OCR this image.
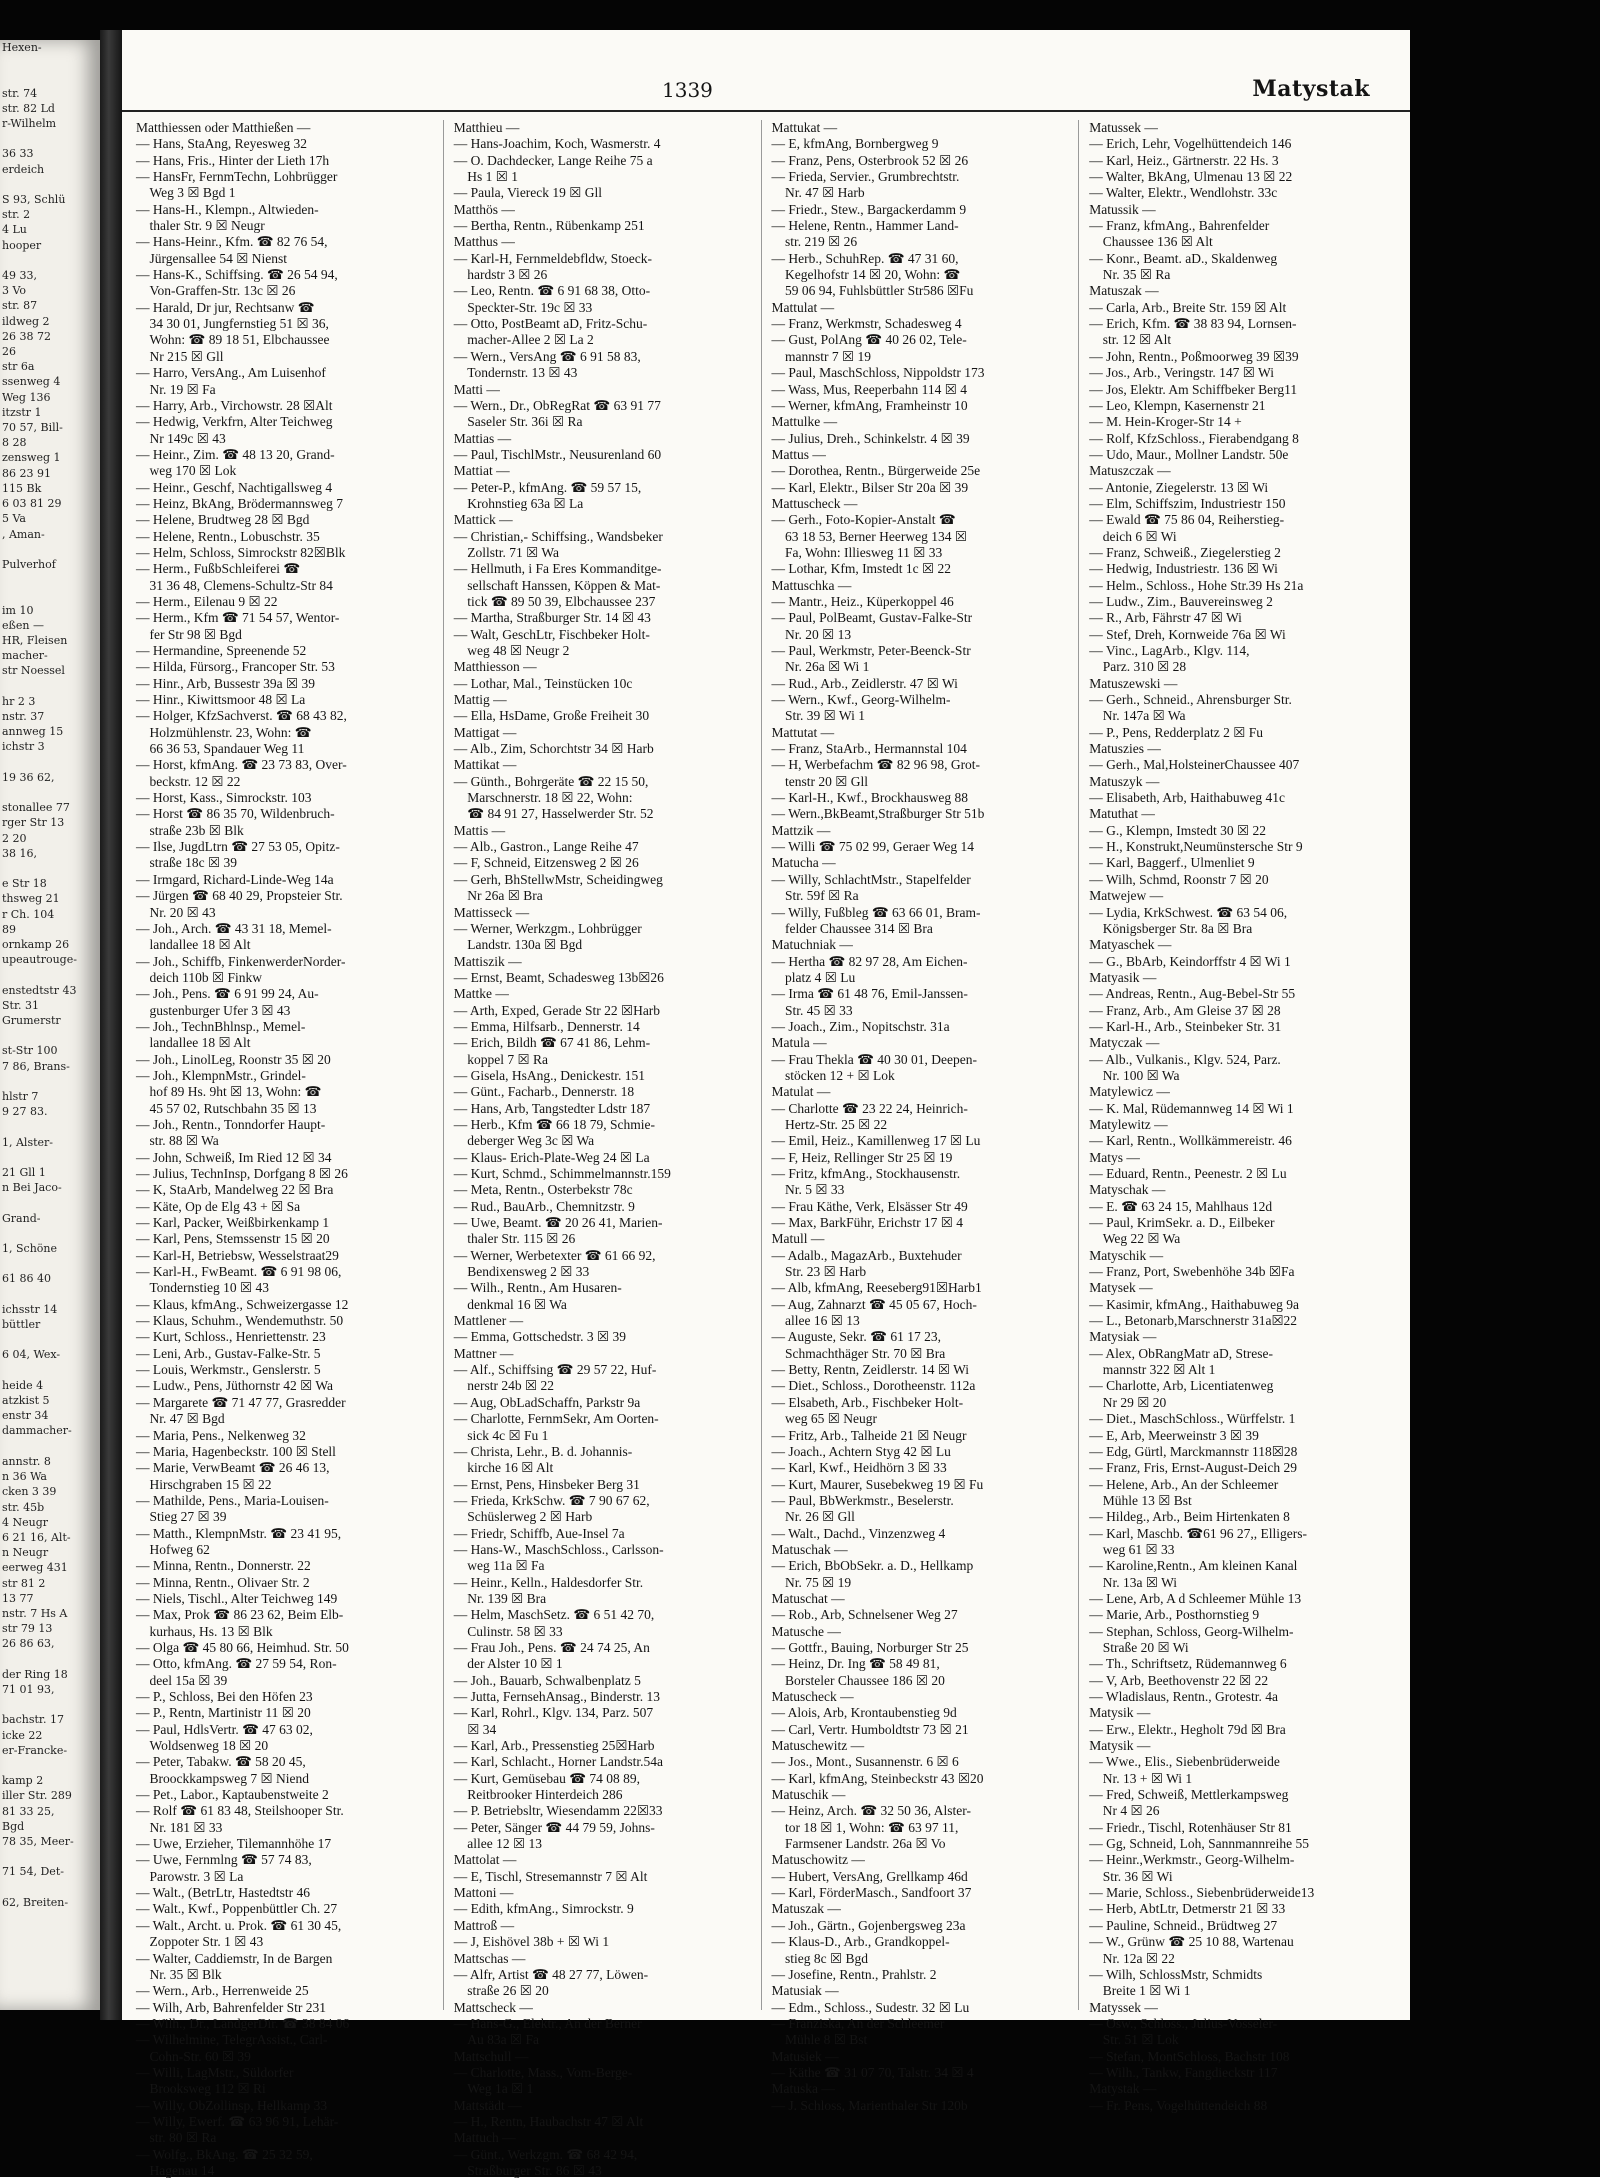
Hexen-

str. 74
str. 82 Ld
r-Wilhelm

36 33
erdeich

S 93, Schlü
str. 2
4 Lu
hooper

49 33,
3 Vo
str. 87
ildweg 2
26 38 72
26
str 6a
ssenweg 4
Weg 136
itzstr 1
70 57, Bill-
8 28
zensweg 1
86 23 91
115 Bk
6 03 81 29
5 Va
, Aman-

Pulverhof

im 10
eßen —
HR, Fleisen
macher-
str Noessel

hr 2 3
nstr. 37
annweg 15
ichstr 3

19 36 62,

stonallee 77
rger Str 13
2 20
38 16,

e Str 18
thsweg 21
r Ch. 104
89
ornkamp 26
upeautrouge-

enstedtstr 43
Str. 31
Grumerstr

st-Str 100
7 86, Brans-

hlstr 7
9 27 83.

1, Alster-

21 Gll 1
n Bei Jaco-

Grand-

1, Schöne

61 86 40

ichsstr 14
büttler

6 04, Wex-

heide 4
atzkist 5
enstr 34
dammacher-

annstr. 8
n 36 Wa
cken 3 39
str. 45b
4 Neugr
6 21 16, Alt-
n Neugr
eerweg 431
str 81 2
13 77
nstr. 7 Hs A
str 79 13
26 86 63,

der Ring 18
71 01 93,

bachstr. 17
icke 22
er-Francke-

kamp 2
iller Str. 289
81 33 25,
Bgd
78 35, Meer-

71 54, Det-

62, Breiten-
1339	Matystak
Matthiessen oder Matthießen —
— Hans, StaAng, Reyesweg 32
— Hans, Fris., Hinter der Lieth 17h
— HansFr, FernmTechn, Lohbrügger
 Weg 3 ☒ Bgd 1
— Hans-H., Klempn., Altwieden-
 thaler Str. 9 ☒ Neugr
— Hans-Heinr., Kfm. ☎ 82 76 54,
 Jürgensallee 54 ☒ Nienst
— Hans-K., Schiffsing. ☎ 26 54 94,
 Von-Graffen-Str. 13c ☒ 26
— Harald, Dr jur, Rechtsanw ☎
 34 30 01, Jungfernstieg 51 ☒ 36,
 Wohn: ☎ 89 18 51, Elbchaussee
 Nr 215 ☒ Gll
— Harro, VersAng., Am Luisenhof
 Nr. 19 ☒ Fa
— Harry, Arb., Virchowstr. 28 ☒Alt
— Hedwig, Verkfrn, Alter Teichweg
 Nr 149c ☒ 43
— Heinr., Zim. ☎ 48 13 20, Grand-
 weg 170 ☒ Lok
— Heinr., Geschf, Nachtigallsweg 4
— Heinz, BkAng, Brödermannsweg 7
— Helene, Brudtweg 28 ☒ Bgd
— Helene, Rentn., Lobuschstr. 35
— Helm, Schloss, Simrockstr 82☒Blk
— Herm., FußbSchleiferei ☎
 31 36 48, Clemens-Schultz-Str 84
— Herm., Eilenau 9 ☒ 22
— Herm., Kfm ☎ 71 54 57, Wentor-
 fer Str 98 ☒ Bgd
— Hermandine, Spreenende 52
— Hilda, Fürsorg., Francoper Str. 53
— Hinr., Arb, Bussestr 39a ☒ 39
— Hinr., Kiwittsmoor 48 ☒ La
— Holger, KfzSachverst. ☎ 68 43 82,
 Holzmühlenstr. 23, Wohn: ☎
 66 36 53, Spandauer Weg 11
— Horst, kfmAng. ☎ 23 73 83, Over-
 beckstr. 12 ☒ 22
— Horst, Kass., Simrockstr. 103
— Horst ☎ 86 35 70, Wildenbruch-
 straße 23b ☒ Blk
— Ilse, JugdLtrn ☎ 27 53 05, Opitz-
 straße 18c ☒ 39
— Irmgard, Richard-Linde-Weg 14a
— Jürgen ☎ 68 40 29, Propsteier Str.
 Nr. 20 ☒ 43
— Joh., Arch. ☎ 43 31 18, Memel-
 landallee 18 ☒ Alt
— Joh., Schiffb, FinkenwerderNorder-
 deich 110b ☒ Finkw
— Joh., Pens. ☎ 6 91 99 24, Au-
 gustenburger Ufer 3 ☒ 43
— Joh., TechnBhlnsp., Memel-
 landallee 18 ☒ Alt
— Joh., LinolLeg, Roonstr 35 ☒ 20
— Joh., KlempnMstr., Grindel-
 hof 89 Hs. 9ht ☒ 13, Wohn: ☎
 45 57 02, Rutschbahn 35 ☒ 13
— Joh., Rentn., Tonndorfer Haupt-
 str. 88 ☒ Wa
— John, Schweiß, Im Ried 12 ☒ 34
— Julius, TechnInsp, Dorfgang 8 ☒ 26
— K, StaArb, Mandelweg 22 ☒ Bra
— Käte, Op de Elg 43 + ☒ Sa
— Karl, Packer, Weißbirkenkamp 1
— Karl, Pens, Stemssenstr 15 ☒ 20
— Karl-H, Betriebsw, Wesselstraat29
— Karl-H., FwBeamt. ☎ 6 91 98 06,
 Tondernstieg 10 ☒ 43
— Klaus, kfmAng., Schweizergasse 12
— Klaus, Schuhm., Wendemuthstr. 50
— Kurt, Schloss., Henriettenstr. 23
— Leni, Arb., Gustav-Falke-Str. 5
— Louis, Werkmstr., Genslerstr. 5
— Ludw., Pens, Jüthornstr 42 ☒ Wa
— Margarete ☎ 71 47 77, Grasredder
 Nr. 47 ☒ Bgd
— Maria, Pens., Nelkenweg 32
— Maria, Hagenbeckstr. 100 ☒ Stell
— Marie, VerwBeamt ☎ 26 46 13,
 Hirschgraben 15 ☒ 22
— Mathilde, Pens., Maria-Louisen-
 Stieg 27 ☒ 39
— Matth., KlempnMstr. ☎ 23 41 95,
 Hofweg 62
— Minna, Rentn., Donnerstr. 22
— Minna, Rentn., Olivaer Str. 2
— Niels, Tischl., Alter Teichweg 149
— Max, Prok ☎ 86 23 62, Beim Elb-
 kurhaus, Hs. 13 ☒ Blk
— Olga ☎ 45 80 66, Heimhud. Str. 50
— Otto, kfmAng. ☎ 27 59 54, Ron-
 deel 15a ☒ 39
— P., Schloss, Bei den Höfen 23
— P., Rentn, Martinistr 11 ☒ 20
— Paul, HdlsVertr. ☎ 47 63 02,
 Woldsenweg 18 ☒ 20
— Peter, Tabakw. ☎ 58 20 45,
 Broockkampsweg 7 ☒ Niend
— Pet., Labor., Kaptaubenstweite 2
— Rolf ☎ 61 83 48, Steilshooper Str.
 Nr. 181 ☒ 33
— Uwe, Erzieher, Tilemannhöhe 17
— Uwe, Fernmlng ☎ 57 74 83,
 Parowstr. 3 ☒ La
— Walt., (BetrLtr, Hastedtstr 46
— Walt., Kwf., Poppenbüttler Ch. 27
— Walt., Archt. u. Prok. ☎ 61 30 45,
 Zoppoter Str. 1 ☒ 43
— Walter, Caddiemstr, In de Bargen
 Nr. 35 ☒ Blk
— Wern., Arb., Herrenweide 25
— Wilh, Arb, Bahrenfelder Str 231
— Wilh., Dr., LandgerDir. ☎ 38 84 06
— Wilhelmine, TelegrAssist., Carl-
 Cohn-Str. 60 ☒ 39
— Willi, LagMstr., Süldorfer
 Brooksweg 112 ☒ Ri
— Willy, ObZollinsp, Hellkamp 33
— Willy, Ewerf. ☎ 63 96 91, Lehär-
 str. 80 ☒ Ra
— Wolfg., BkAng. ☎ 25 32 59,
 Hagenau 14
Matthieu —
— Hans-Joachim, Koch, Wasmerstr. 4
— O. Dachdecker, Lange Reihe 75 a
 Hs 1 ☒ 1
— Paula, Viereck 19 ☒ Gll
Matthös —
— Bertha, Rentn., Rübenkamp 251
Matthus —
— Karl-H, Fernmeldebfldw, Stoeck-
 hardstr 3 ☒ 26
— Leo, Rentn. ☎ 6 91 68 38, Otto-
 Speckter-Str. 19c ☒ 33
— Otto, PostBeamt aD, Fritz-Schu-
 macher-Allee 2 ☒ La 2
— Wern., VersAng ☎ 6 91 58 83,
 Tondernstr. 13 ☒ 43
Matti —
— Wern., Dr., ObRegRat ☎ 63 91 77
 Saseler Str. 36i ☒ Ra
Mattias —
— Paul, TischlMstr., Neusurenland 60
Mattiat —
— Peter-P., kfmAng. ☎ 59 57 15,
 Krohnstieg 63a ☒ La
Mattick —
— Christian,- Schiffsing., Wandsbeker
 Zollstr. 71 ☒ Wa
— Hellmuth, i Fa Eres Kommanditge-
 sellschaft Hanssen, Köppen & Mat-
 tick ☎ 89 50 39, Elbchaussee 237
— Martha, Straßburger Str. 14 ☒ 43
— Walt, GeschLtr, Fischbeker Holt-
 weg 48 ☒ Neugr 2
Matthiesson —
— Lothar, Mal., Teinstücken 10c
Mattig —
— Ella, HsDame, Große Freiheit 30
Mattigat —
— Alb., Zim, Schorchtstr 34 ☒ Harb
Mattikat —
— Günth., Bohrgeräte ☎ 22 15 50,
 Marschnerstr. 18 ☒ 22, Wohn:
 ☎ 84 91 27, Hasselwerder Str. 52
Mattis —
— Alb., Gastron., Lange Reihe 47
— F, Schneid, Eitzensweg 2 ☒ 26
— Gerh, BhStellwMstr, Scheidingweg
 Nr 26a ☒ Bra
Mattisseck —
— Werner, Werkzgm., Lohbrügger
 Landstr. 130a ☒ Bgd
Mattiszik —
— Ernst, Beamt, Schadesweg 13b☒26
Mattke —
— Arth, Exped, Gerade Str 22 ☒Harb
— Emma, Hilfsarb., Dennerstr. 14
— Erich, Bildh ☎ 67 41 86, Lehm-
 koppel 7 ☒ Ra
— Gisela, HsAng., Denickestr. 151
— Günt., Facharb., Dennerstr. 18
— Hans, Arb, Tangstedter Ldstr 187
— Herb., Kfm ☎ 66 18 79, Schmie-
 deberger Weg 3c ☒ Wa
— Klaus- Erich-Plate-Weg 24 ☒ La
— Kurt, Schmd., Schimmelmannstr.159
— Meta, Rentn., Osterbekstr 78c
— Rud., BauArb., Chemnitzstr. 9
— Uwe, Beamt. ☎ 20 26 41, Marien-
 thaler Str. 115 ☒ 26
— Werner, Werbetexter ☎ 61 66 92,
 Bendixensweg 2 ☒ 33
— Wilh., Rentn., Am Husaren-
 denkmal 16 ☒ Wa
Mattlener —
— Emma, Gottschedstr. 3 ☒ 39
Mattner —
— Alf., Schiffsing ☎ 29 57 22, Huf-
 nerstr 24b ☒ 22
— Aug, ObLadSchaffn, Parkstr 9a
— Charlotte, FernmSekr, Am Oorten-
 sick 4c ☒ Fu 1
— Christa, Lehr., B. d. Johannis-
 kirche 16 ☒ Alt
— Ernst, Pens, Hinsbeker Berg 31
— Frieda, KrkSchw. ☎ 7 90 67 62,
 Schüslerweg 2 ☒ Harb
— Friedr, Schiffb, Aue-Insel 7a
— Hans-W., MaschSchloss., Carlsson-
 weg 11a ☒ Fa
— Heinr., Kelln., Haldesdorfer Str.
 Nr. 139 ☒ Bra
— Helm, MaschSetz. ☎ 6 51 42 70,
 Culinstr. 58 ☒ 33
— Frau Joh., Pens. ☎ 24 74 25, An
 der Alster 10 ☒ 1
— Joh., Bauarb, Schwalbenplatz 5
— Jutta, FernsehAnsag., Binderstr. 13
— Karl, Rohrl., Klgv. 134, Parz. 507
 ☒ 34
— Karl, Arb., Pressenstieg 25☒Harb
— Karl, Schlacht., Horner Landstr.54a
— Kurt, Gemüsebau ☎ 74 08 89,
 Reitbrooker Hinterdeich 286
— P. Betriebsltr, Wiesendamm 22☒33
— Peter, Sänger ☎ 44 79 59, Johns-
 allee 12 ☒ 13
Mattolat —
— E, Tischl, Stresemannstr 7 ☒ Alt
Mattoni —
— Edith, kfmAng., Simrockstr. 9
Mattroß —
— J, Eishövel 38b + ☒ Wi 1
Mattschas —
— Alfr, Artist ☎ 48 27 77, Löwen-
 straße 26 ☒ 20
Mattscheck —
— Hans-G., Elektr., An der Berner
 Au 83a ☒ Fa
Mattschull —
— Charlotte, Mass., Vom-Berge-
 Weg 1a ☒ 1
Mattstädt —
— H., Rentn, Haubachstr 47 ☒ Alt
Mattuch —
— Günt., Werkzgm. ☎ 68 42 94,
 Straßburger Str. 86 ☒ 43
Mattukat —
— E, kfmAng, Bornbergweg 9
— Franz, Pens, Osterbrook 52 ☒ 26
— Frieda, Servier., Grumbrechtstr.
 Nr. 47 ☒ Harb
— Friedr., Stew., Bargackerdamm 9
— Helene, Rentn., Hammer Land-
 str. 219 ☒ 26
— Herb., SchuhRep. ☎ 47 31 60,
 Kegelhofstr 14 ☒ 20, Wohn: ☎
 59 06 94, Fuhlsbüttler Str586 ☒Fu
Mattulat —
— Franz, Werkmstr, Schadesweg 4
— Gust, PolAng ☎ 40 26 02, Tele-
 mannstr 7 ☒ 19
— Paul, MaschSchloss, Nippoldstr 173
— Wass, Mus, Reeperbahn 114 ☒ 4
— Werner, kfmAng, Framheinstr 10
Mattulke —
— Julius, Dreh., Schinkelstr. 4 ☒ 39
Mattus —
— Dorothea, Rentn., Bürgerweide 25e
— Karl, Elektr., Bilser Str 20a ☒ 39
Mattuscheck —
— Gerh., Foto-Kopier-Anstalt ☎
 63 18 53, Berner Heerweg 134 ☒
 Fa, Wohn: Illiesweg 11 ☒ 33
— Lothar, Kfm, Imstedt 1c ☒ 22
Mattuschka —
— Mantr., Heiz., Küperkoppel 46
— Paul, PolBeamt, Gustav-Falke-Str
 Nr. 20 ☒ 13
— Paul, Werkmstr, Peter-Beenck-Str
 Nr. 26a ☒ Wi 1
— Rud., Arb., Zeidlerstr. 47 ☒ Wi
— Wern., Kwf., Georg-Wilhelm-
 Str. 39 ☒ Wi 1
Mattutat —
— Franz, StaArb., Hermannstal 104
— H, Werbefachm ☎ 82 96 98, Grot-
 tenstr 20 ☒ Gll
— Karl-H., Kwf., Brockhausweg 88
— Wern.,BkBeamt,Straßburger Str 51b
Mattzik —
— Willi ☎ 75 02 99, Geraer Weg 14
Matucha —
— Willy, SchlachtMstr., Stapelfelder
 Str. 59f ☒ Ra
— Willy, Fußbleg ☎ 63 66 01, Bram-
 felder Chaussee 314 ☒ Bra
Matuchniak —
— Hertha ☎ 82 97 28, Am Eichen-
 platz 4 ☒ Lu
— Irma ☎ 61 48 76, Emil-Janssen-
 Str. 45 ☒ 33
— Joach., Zim., Nopitschstr. 31a
Matula —
— Frau Thekla ☎ 40 30 01, Deepen-
 stöcken 12 + ☒ Lok
Matulat —
— Charlotte ☎ 23 22 24, Heinrich-
 Hertz-Str. 25 ☒ 22
— Emil, Heiz., Kamillenweg 17 ☒ Lu
— F, Heiz, Rellinger Str 25 ☒ 19
— Fritz, kfmAng., Stockhausenstr.
 Nr. 5 ☒ 33
— Frau Käthe, Verk, Elsässer Str 49
— Max, BarkFühr, Erichstr 17 ☒ 4
Matull —
— Adalb., MagazArb., Buxtehuder
 Str. 23 ☒ Harb
— Alb, kfmAng, Reeseberg91☒Harb1
— Aug, Zahnarzt ☎ 45 05 67, Hoch-
 allee 16 ☒ 13
— Auguste, Sekr. ☎ 61 17 23,
 Schmachthäger Str. 70 ☒ Bra
— Betty, Rentn, Zeidlerstr. 14 ☒ Wi
— Diet., Schloss., Dorotheenstr. 112a
— Elsabeth, Arb., Fischbeker Holt-
 weg 65 ☒ Neugr
— Fritz, Arb., Talheide 21 ☒ Neugr
— Joach., Achtern Styg 42 ☒ Lu
— Karl, Kwf., Heidhörn 3 ☒ 33
— Kurt, Maurer, Susebekweg 19 ☒ Fu
— Paul, BbWerkmstr., Beselerstr.
 Nr. 26 ☒ Gll
— Walt., Dachd., Vinzenzweg 4
Matuschak —
— Erich, BbObSekr. a. D., Hellkamp
 Nr. 75 ☒ 19
Matuschat —
— Rob., Arb, Schnelsener Weg 27
Matusche —
— Gottfr., Bauing, Norburger Str 25
— Heinz, Dr. Ing ☎ 58 49 81,
 Borsteler Chaussee 186 ☒ 20
Matuscheck —
— Alois, Arb, Krontaubenstieg 9d
— Carl, Vertr. Humboldtstr 73 ☒ 21
Matuschewitz —
— Jos., Mont., Susannenstr. 6 ☒ 6
— Karl, kfmAng, Steinbeckstr 43 ☒20
Matuschik —
— Heinz, Arch. ☎ 32 50 36, Alster-
 tor 18 ☒ 1, Wohn: ☎ 63 97 11,
 Farmsener Landstr. 26a ☒ Vo
Matuschowitz —
— Hubert, VersAng, Grellkamp 46d
— Karl, FörderMasch., Sandfoort 37
Matuszak —
— Joh., Gärtn., Gojenbergsweg 23a
— Klaus-D., Arb., Grandkoppel-
 stieg 8c ☒ Bgd
— Josefine, Rentn., Prahlstr. 2
Matusiak —
— Edm., Schloss., Sudestr. 32 ☒ Lu
— Franziska, An der Schleemer
 Mühle 8 ☒ Bst
Matusiek —
— Käthe ☎ 31 07 70, Talstr. 34 ☒ 4
Matuska —
— J. Schloss, Marienthaler Str 120b
Matussek —
— Erich, Lehr, Vogelhüttendeich 146
— Karl, Heiz., Gärtnerstr. 22 Hs. 3
— Walter, BkAng, Ulmenau 13 ☒ 22
— Walter, Elektr., Wendlohstr. 33c
Matussik —
— Franz, kfmAng., Bahrenfelder
 Chaussee 136 ☒ Alt
— Konr., Beamt. aD., Skaldenweg
 Nr. 35 ☒ Ra
Matuszak —
— Carla, Arb., Breite Str. 159 ☒ Alt
— Erich, Kfm. ☎ 38 83 94, Lornsen-
 str. 12 ☒ Alt
— John, Rentn., Poßmoorweg 39 ☒39
— Jos., Arb., Veringstr. 147 ☒ Wi
— Jos, Elektr. Am Schiffbeker Berg11
— Leo, Klempn, Kasernenstr 21
— M. Hein-Kroger-Str 14 +
— Rolf, KfzSchloss., Fierabendgang 8
— Udo, Maur., Mollner Landstr. 50e
Matuszczak —
— Antonie, Ziegelerstr. 13 ☒ Wi
— Elm, Schiffszim, Industriestr 150
— Ewald ☎ 75 86 04, Reiherstieg-
 deich 6 ☒ Wi
— Franz, Schweiß., Ziegelerstieg 2
— Hedwig, Industriestr. 136 ☒ Wi
— Helm., Schloss., Hohe Str.39 Hs 21a
— Ludw., Zim., Bauvereinsweg 2
— R., Arb, Fährstr 47 ☒ Wi
— Stef, Dreh, Kornweide 76a ☒ Wi
— Vinc., LagArb., Klgv. 114,
 Parz. 310 ☒ 28
Matuszewski —
— Gerh., Schneid., Ahrensburger Str.
 Nr. 147a ☒ Wa
— P., Pens, Redderplatz 2 ☒ Fu
Matuszies —
— Gerh., Mal,HolsteinerChaussee 407
Matuszyk —
— Elisabeth, Arb, Haithabuweg 41c
Matuthat —
— G., Klempn, Imstedt 30 ☒ 22
— H., Konstrukt,Neumünstersche Str 9
— Karl, Baggerf., Ulmenliet 9
— Wilh, Schmd, Roonstr 7 ☒ 20
Matwejew —
— Lydia, KrkSchwest. ☎ 63 54 06,
 Königsberger Str. 8a ☒ Bra
Matyaschek —
— G., BbArb, Keindorffstr 4 ☒ Wi 1
Matyasik —
— Andreas, Rentn., Aug-Bebel-Str 55
— Franz, Arb., Am Gleise 37 ☒ 28
— Karl-H., Arb., Steinbeker Str. 31
Matyczak —
— Alb., Vulkanis., Klgv. 524, Parz.
 Nr. 100 ☒ Wa
Matylewicz —
— K. Mal, Rüdemannweg 14 ☒ Wi 1
Matylewitz —
— Karl, Rentn., Wollkämmereistr. 46
Matys —
— Eduard, Rentn., Peenestr. 2 ☒ Lu
Matyschak —
— E. ☎ 63 24 15, Mahlhaus 12d
— Paul, KrimSekr. a. D., Eilbeker
 Weg 22 ☒ Wa
Matyschik —
— Franz, Port, Swebenhöhe 34b ☒Fa
Matysek —
— Kasimir, kfmAng., Haithabuweg 9a
— L., Betonarb,Marschnerstr 31a☒22
Matysiak —
— Alex, ObRangMatr aD, Strese-
 mannstr 322 ☒ Alt 1
— Charlotte, Arb, Licentiatenweg
 Nr 29 ☒ 20
— Diet., MaschSchloss., Würffelstr. 1
— E, Arb, Meerweinstr 3 ☒ 39
— Edg, Gürtl, Marckmannstr 118☒28
— Franz, Fris, Ernst-August-Deich 29
— Helene, Arb., An der Schleemer
 Mühle 13 ☒ Bst
— Hildeg., Arb., Beim Hirtenkaten 8
— Karl, Maschb. ☎61 96 27,, Elligers-
 weg 61 ☒ 33
— Karoline,Rentn., Am kleinen Kanal
 Nr. 13a ☒ Wi
— Lene, Arb, A d Schleemer Mühle 13
— Marie, Arb., Posthornstieg 9
— Stephan, Schloss, Georg-Wilhelm-
 Straße 20 ☒ Wi
— Th., Schriftsetz, Rüdemannweg 6
— V, Arb, Beethovenstr 22 ☒ 22
— Wladislaus, Rentn., Grotestr. 4a
Matysik —
— Erw., Elektr., Hegholt 79d ☒ Bra
Matysik —
— Wwe., Elis., Siebenbrüderweide
 Nr. 13 + ☒ Wi 1
— Fred, Schweiß, Mettlerkampsweg
 Nr 4 ☒ 26
— Friedr., Tischl, Rotenhäuser Str 81
— Gg, Schneid, Loh, Sannmannreihe 55
— Heinr.,Werkmstr., Georg-Wilhelm-
 Str. 36 ☒ Wi
— Marie, Schloss., Siebenbrüderweide13
— Herb, AbtLtr, Detmerstr 21 ☒ 33
— Pauline, Schneid., Brüdtweg 27
— W., Grünw ☎ 25 10 88, Wartenau
 Nr. 12a ☒ 22
— Wilh, SchlossMstr, Schmidts
 Breite 1 ☒ Wi 1
Matyssek —
— Osw., Schloss., Julius-Vosseler-
 Str. 51 ☒ Lok
— Stefan, MontSchloss, Bachstr 108
— Wilh., Tankw, Fangdieckstr 117
Matystak —
— Fr. Pens, Vogelhüttendeich 88
